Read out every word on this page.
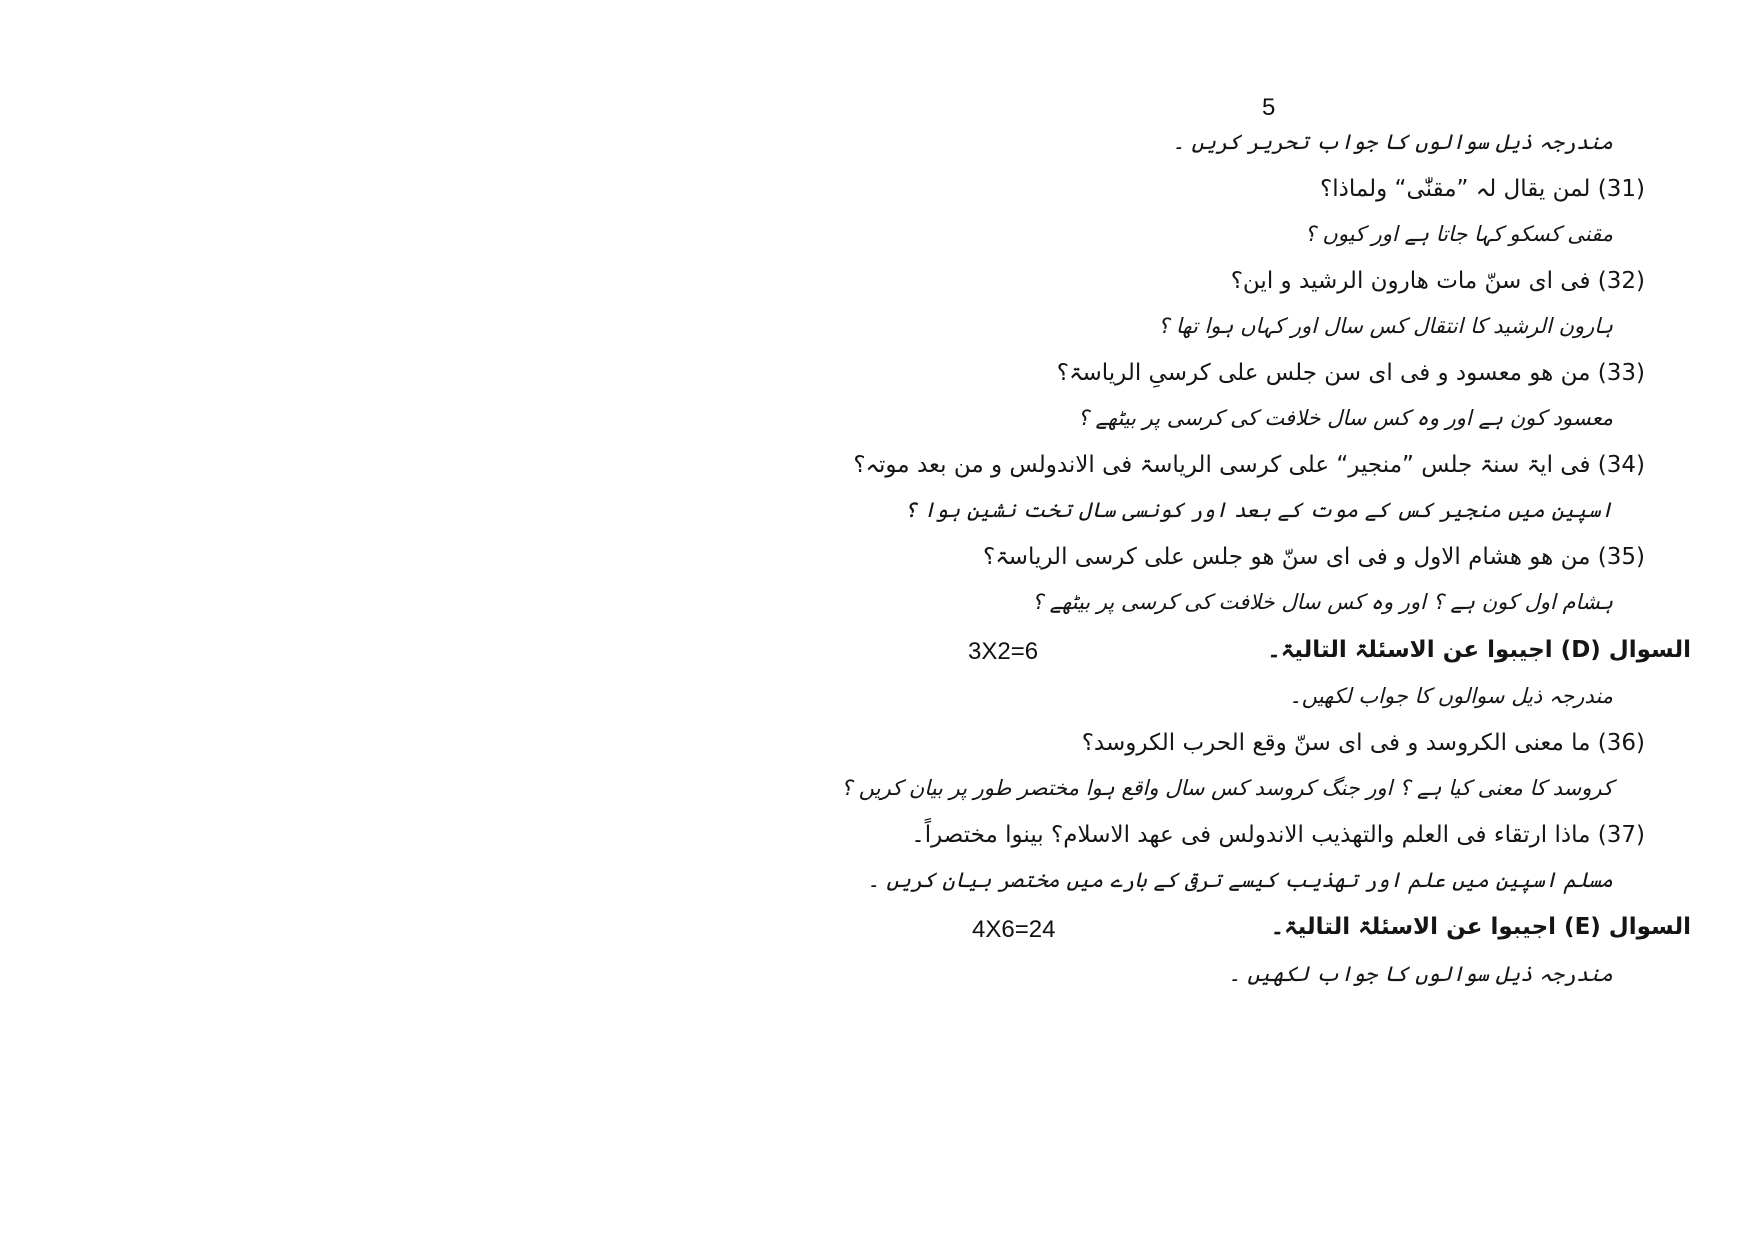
5
مندرجہ ذیل سوالوں کا جواب تحریر کریں ۔
(31) لمن یقال لہ ”مقنّٰی“ ولماذا؟
مقنی کسکو کہا جاتا ہے اور کیوں ؟
(32) فی ای سنّ مات هارون الرشید و این؟
ہارون الرشید کا انتقال کس سال اور کہاں ہوا تھا ؟
(33) من هو معسود و فی ای سن جلس علی کرسیِ الریاسۃ؟
معسود کون ہے اور وہ کس سال خلافت کی کرسی پر بیٹھے ؟
(34) فی ایۃ سنۃ جلس ”منجیر“ علی کرسی الریاسۃ فی الاندولس و من بعد موتہ؟
اسپین میں منجیر کس کے موت کے بعد اور کونسی سال تخت نشین ہوا ؟
(35) من هو هشام الاول و فی ای سنّ هو جلس علی کرسی الریاسۃ؟
ہشام اول کون ہے ؟ اور وہ کس سال خلافت کی کرسی پر بیٹھے ؟
السوال (D) اجیبوا عن الاسئلۃ التالیۃ۔
3X2=6
مندرجہ ذیل سوالوں کا جواب لکھیں۔
(36) ما معنی الکروسد و فی ای سنّ وقع الحرب الکروسد؟
کروسد کا معنی کیا ہے ؟ اور جنگ کروسد کس سال واقع ہوا مختصر طور پر بیان کریں ؟
(37) ماذا ارتقاء فی العلم والتهذیب الاندولس فی عهد الاسلام؟ بینوا مختصراً۔
مسلم اسپین میں علم اور تھذیب کیسے ترقی کے بارے میں مختصر بیان کریں ۔
السوال (E) اجیبوا عن الاسئلۃ التالیۃ۔
4X6=24
مندرجہ ذیل سوالوں کا جواب لکھیں ۔
